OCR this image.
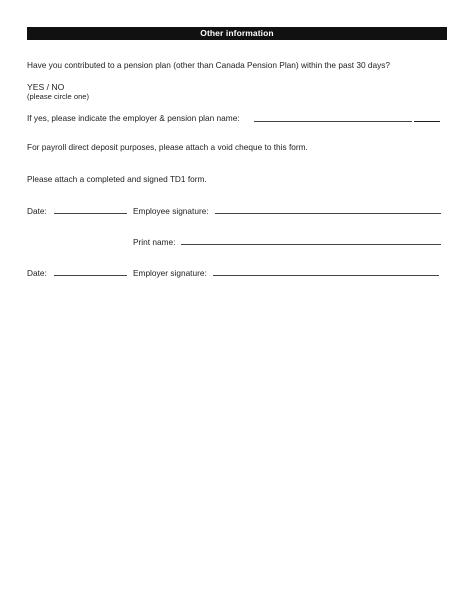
Other information
Have you contributed to a pension plan (other than Canada Pension Plan) within the past 30 days?
YES / NO
(please circle one)
If yes, please indicate the employer & pension plan name:
For payroll direct deposit purposes, please attach a void cheque to this form.
Please attach a completed and signed TD1 form.
Date:	Employee signature:
Print name:
Date:	Employer signature:
